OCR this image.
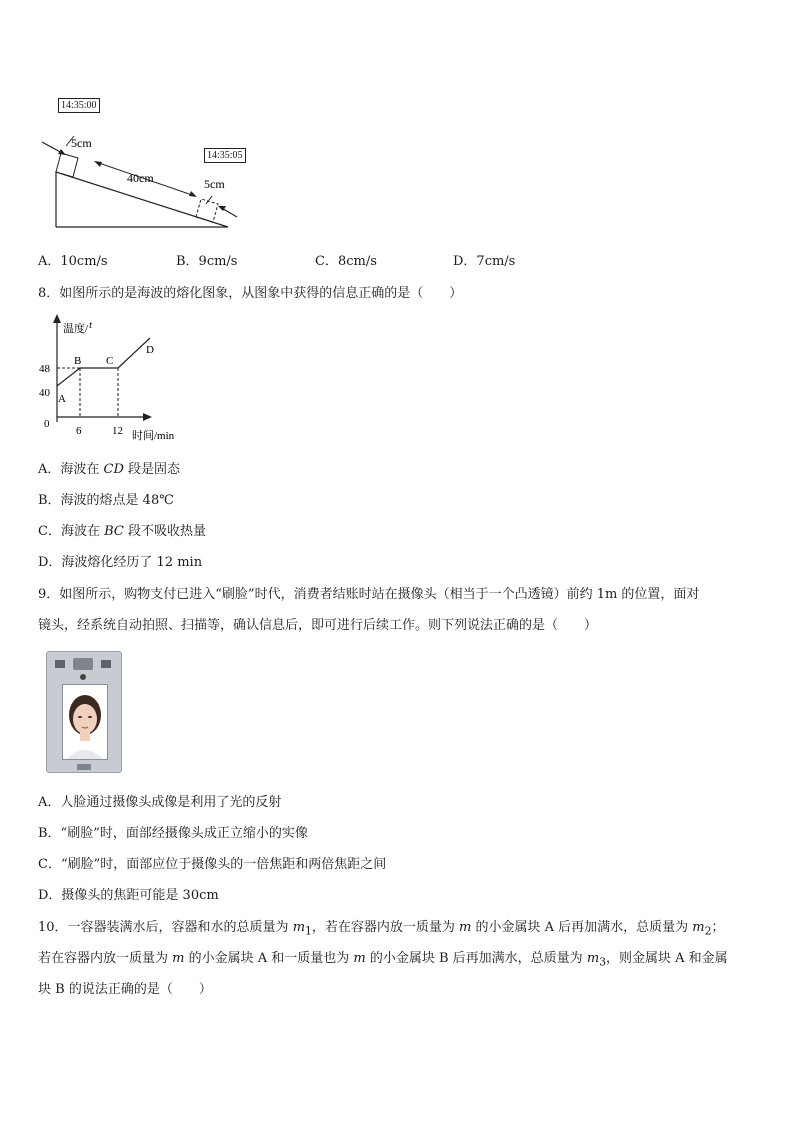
14:35:00
14:35:05
5cm
40cm	5cm
A．10cm/s	B．9cm/s	C．8cm/s	D．7cm/s
8．如图所示的是海波的熔化图象，从图象中获得的信息正确的是（　　）
温度/ t
48
40
0
6	12 时间/min
A
B C
D
A．海波在 CD 段是固态
B．海波的熔点是 48℃
C．海波在 BC 段不吸收热量
D．海波熔化经历了 12 min
9．如图所示，购物支付已进入“刷脸”时代，消费者结账时站在摄像头（相当于一个凸透镜）前约 1m 的位置，面对
镜头，经系统自动拍照、扫描等，确认信息后，即可进行后续工作。则下列说法正确的是（　　）
A．人脸通过摄像头成像是利用了光的反射
B．“刷脸”时，面部经摄像头成正立缩小的实像
C．“刷脸”时，面部应位于摄像头的一倍焦距和两倍焦距之间
D．摄像头的焦距可能是 30cm
10．一容器装满水后，容器和水的总质量为 $m_1$，若在容器内放一质量为 m 的小金属块 A 后再加满水，总质量为 $m_2$；
若在容器内放一质量为 m 的小金属块 A 和一质量也为 m 的小金属块 B 后再加满水，总质量为 $m_3$，则金属块 A 和金属
块 B 的说法正确的是（　　）
